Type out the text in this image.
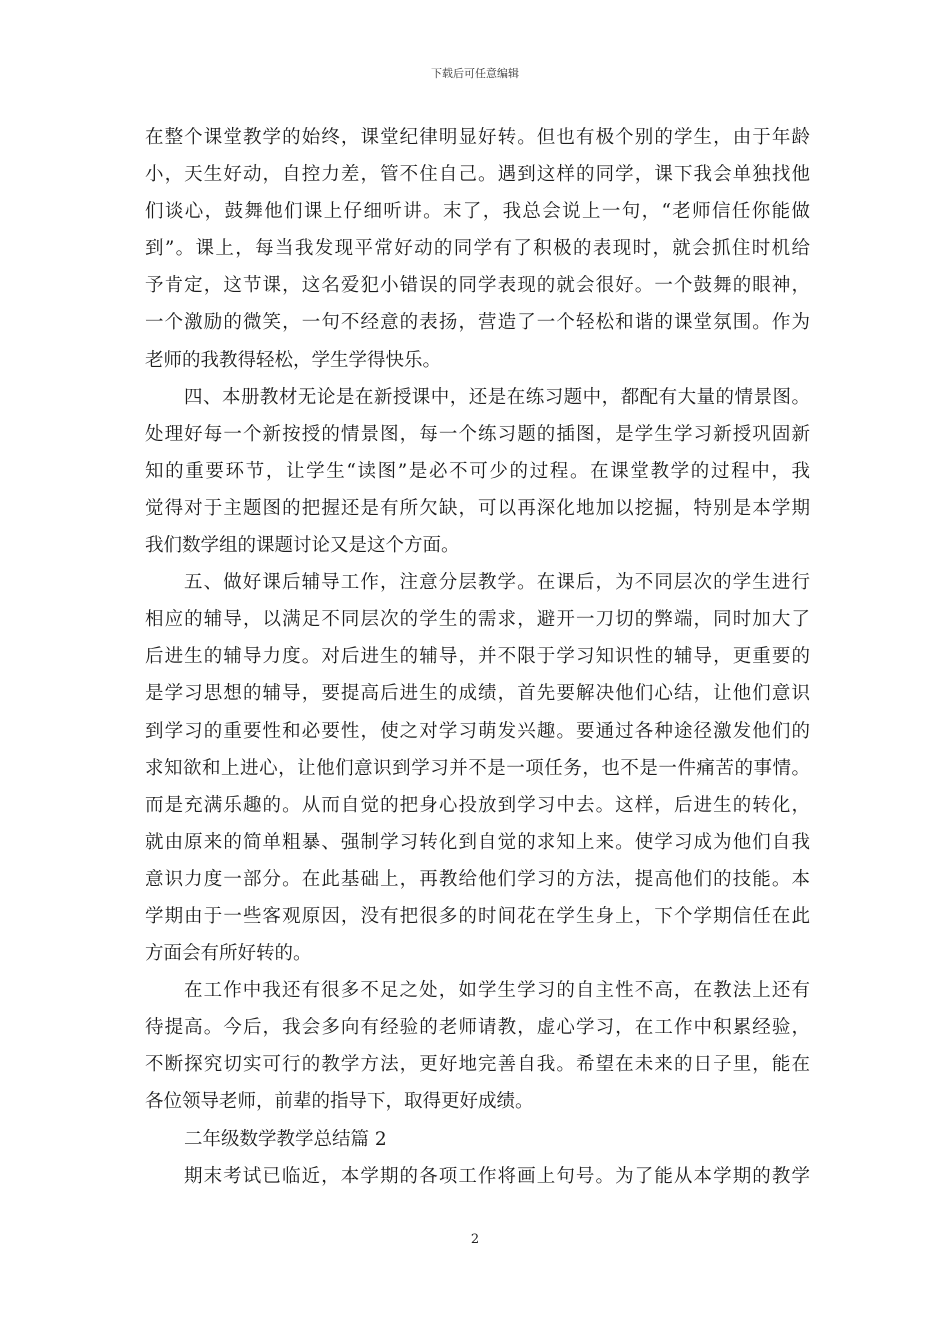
下载后可任意编辑
在整个课堂教学的始终，课堂纪律明显好转。但也有极个别的学生，由于年龄
小，天生好动，自控力差，管不住自己。遇到这样的同学，课下我会单独找他
们谈心，鼓舞他们课上仔细听讲。末了，我总会说上一句，“老师信任你能做
到”。课上，每当我发现平常好动的同学有了积极的表现时，就会抓住时机给
予肯定，这节课，这名爱犯小错误的同学表现的就会很好。一个鼓舞的眼神，
一个激励的微笑，一句不经意的表扬，营造了一个轻松和谐的课堂氛围。作为
老师的我教得轻松，学生学得快乐。
四、本册教材无论是在新授课中，还是在练习题中，都配有大量的情景图。
处理好每一个新按授的情景图，每一个练习题的插图，是学生学习新授巩固新
知的重要环节，让学生“读图”是必不可少的过程。在课堂教学的过程中，我
觉得对于主题图的把握还是有所欠缺，可以再深化地加以挖掘，特别是本学期
我们数学组的课题讨论又是这个方面。
五、做好课后辅导工作，注意分层教学。在课后，为不同层次的学生进行
相应的辅导，以满足不同层次的学生的需求，避开一刀切的弊端，同时加大了
后进生的辅导力度。对后进生的辅导，并不限于学习知识性的辅导，更重要的
是学习思想的辅导，要提高后进生的成绩，首先要解决他们心结，让他们意识
到学习的重要性和必要性，使之对学习萌发兴趣。要通过各种途径激发他们的
求知欲和上进心，让他们意识到学习并不是一项任务，也不是一件痛苦的事情。
而是充满乐趣的。从而自觉的把身心投放到学习中去。这样，后进生的转化，
就由原来的简单粗暴、强制学习转化到自觉的求知上来。使学习成为他们自我
意识力度一部分。在此基础上，再教给他们学习的方法，提高他们的技能。本
学期由于一些客观原因，没有把很多的时间花在学生身上，下个学期信任在此
方面会有所好转的。
在工作中我还有很多不足之处，如学生学习的自主性不高，在教法上还有
待提高。今后，我会多向有经验的老师请教，虚心学习，在工作中积累经验，
不断探究切实可行的教学方法，更好地完善自我。希望在未来的日子里，能在
各位领导老师，前辈的指导下，取得更好成绩。
二年级数学教学总结篇 2
期末考试已临近，本学期的各项工作将画上句号。为了能从本学期的教学
2
